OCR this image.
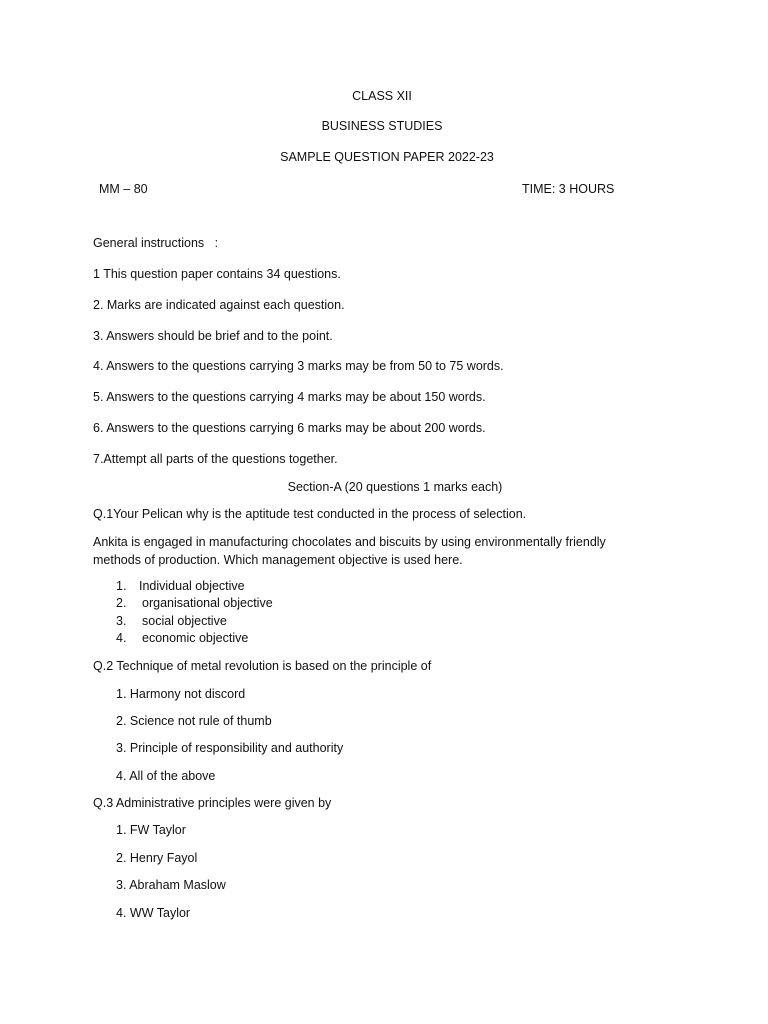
CLASS XII
BUSINESS STUDIES
SAMPLE QUESTION PAPER 2022-23
MM – 80	TIME: 3 HOURS
General instructions   :
1 This question paper contains 34 questions.
2. Marks are indicated against each question.
3. Answers should be brief and to the point.
4. Answers to the questions carrying 3 marks may be from 50 to 75 words.
5. Answers to the questions carrying 4 marks may be about 150 words.
6. Answers to the questions carrying 6 marks may be about 200 words.
7.Attempt all parts of the questions together.
Section-A (20 questions 1 marks each)
Q.1Your Pelican why is the aptitude test conducted in the process of selection.
Ankita is engaged in manufacturing chocolates and biscuits by using environmentally friendly methods of production. Which management objective is used here.
1. Individual objective
2. organisational objective
3. social objective
4. economic objective
Q.2 Technique of metal revolution is based on the principle of
1. Harmony not discord
2. Science not rule of thumb
3. Principle of responsibility and authority
4. All of the above
Q.3 Administrative principles were given by
1. FW Taylor
2. Henry Fayol
3. Abraham Maslow
4. WW Taylor
